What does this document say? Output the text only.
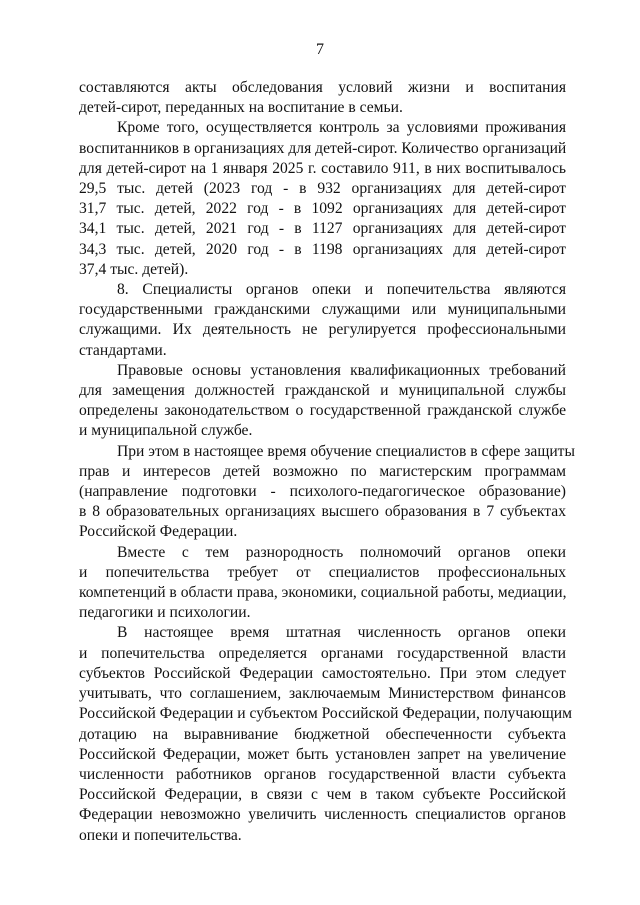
7

составляются акты обследования условий жизни и воспитания
детей-сирот, переданных на воспитание в семьи.

Кроме того, осуществляется контроль за условиями проживания
воспитанников в организациях для детей-сирот. Количество организаций
для детей-сирот на 1 января 2025 г. составило 911, в них воспитывалось
29,5 тыс. детей (2023 год - в 932 организациях для детей-сирот
31,7 тыс. детей, 2022 год - в 1092 организациях для детей-сирот
34,1 тыс. детей, 2021 год - в 1127 организациях для детей-сирот
34,3 тыс. детей, 2020 год - в 1198 организациях для детей-сирот
37,4 тыс. детей).

8. Специалисты органов опеки и попечительства являются
государственными гражданскими служащими или муниципальными
служащими. Их деятельность не регулируется профессиональными
стандартами.

Правовые основы установления квалификационных требований
для замещения должностей гражданской и муниципальной службы
определены законодательством о государственной гражданской службе
и муниципальной службе.

При этом в настоящее время обучение специалистов в сфере защиты
прав и интересов детей возможно по магистерским программам
(направление подготовки - психолого-педагогическое образование)
в 8 образовательных организациях высшего образования в 7 субъектах
Российской Федерации.

Вместе с тем разнородность полномочий органов опеки
и попечительства требует от специалистов профессиональных
компетенций в области права, экономики, социальной работы, медиации,
педагогики и психологии.

В настоящее время штатная численность органов опеки
и попечительства определяется органами государственной власти
субъектов Российской Федерации самостоятельно. При этом следует
учитывать, что соглашением, заключаемым Министерством финансов
Российской Федерации и субъектом Российской Федерации, получающим
дотацию на выравнивание бюджетной обеспеченности субъекта
Российской Федерации, может быть установлен запрет на увеличение
численности работников органов государственной власти субъекта
Российской Федерации, в связи с чем в таком субъекте Российской
Федерации невозможно увеличить численность специалистов органов
опеки и попечительства.
